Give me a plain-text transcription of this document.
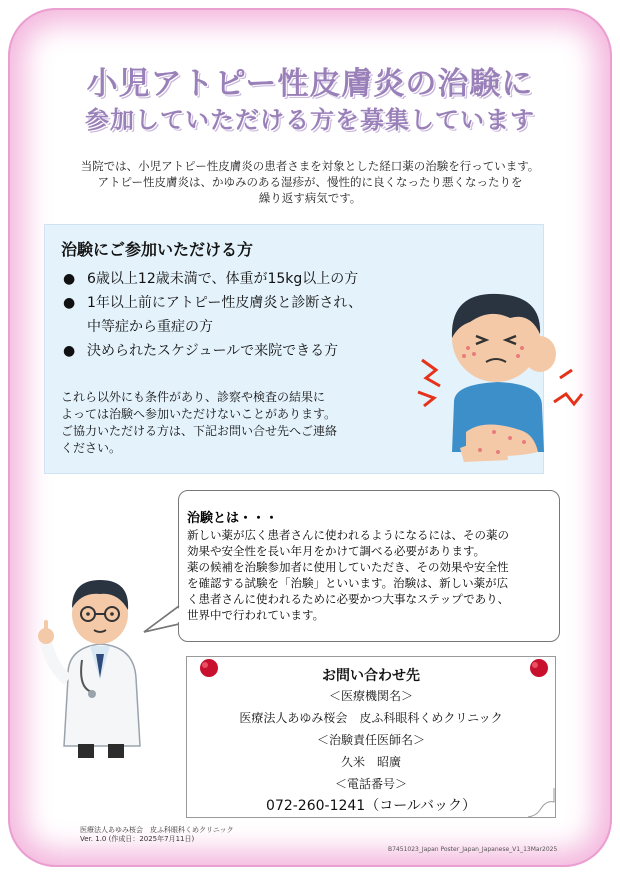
小児アトピー性皮膚炎の治験に
参加していただける方を募集しています
当院では、小児アトピー性皮膚炎の患者さまを対象とした経口薬の治験を行っています。
アトピー性皮膚炎は、かゆみのある湿疹が、慢性的に良くなったり悪くなったりを
繰り返す病気です。
治験にご参加いただける方
● 6歳以上12歳未満で、体重が15kg以上の方
● 1年以上前にアトピー性皮膚炎と診断され、
中等症から重症の方
● 決められたスケジュールで来院できる方
これら以外にも条件があり、診察や検査の結果に
よっては治験へ参加いただけないことがあります。
ご協力いただける方は、下記お問い合せ先へご連絡
ください。
治験とは・・・
新しい薬が広く患者さんに使われるようになるには、その薬の
効果や安全性を長い年月をかけて調べる必要があります。
薬の候補を治験参加者に使用していただき、その効果や安全性
を確認する試験を「治験」といいます。治験は、新しい薬が広
く患者さんに使われるために必要かつ大事なステップであり、
世界中で行われています。
お問い合わせ先
＜医療機関名＞
医療法人あゆみ桜会　皮ふ科眼科くめクリニック
＜治験責任医師名＞
久米　昭廣
＜電話番号＞
072-260-1241（コールバック）
医療法人あゆみ桜会　皮ふ科眼科くめクリニック
Ver. 1.0 (作成日：2025年7月11日)
B7451023_Japan Poster_Japan_Japanese_V1_13Mar2025
